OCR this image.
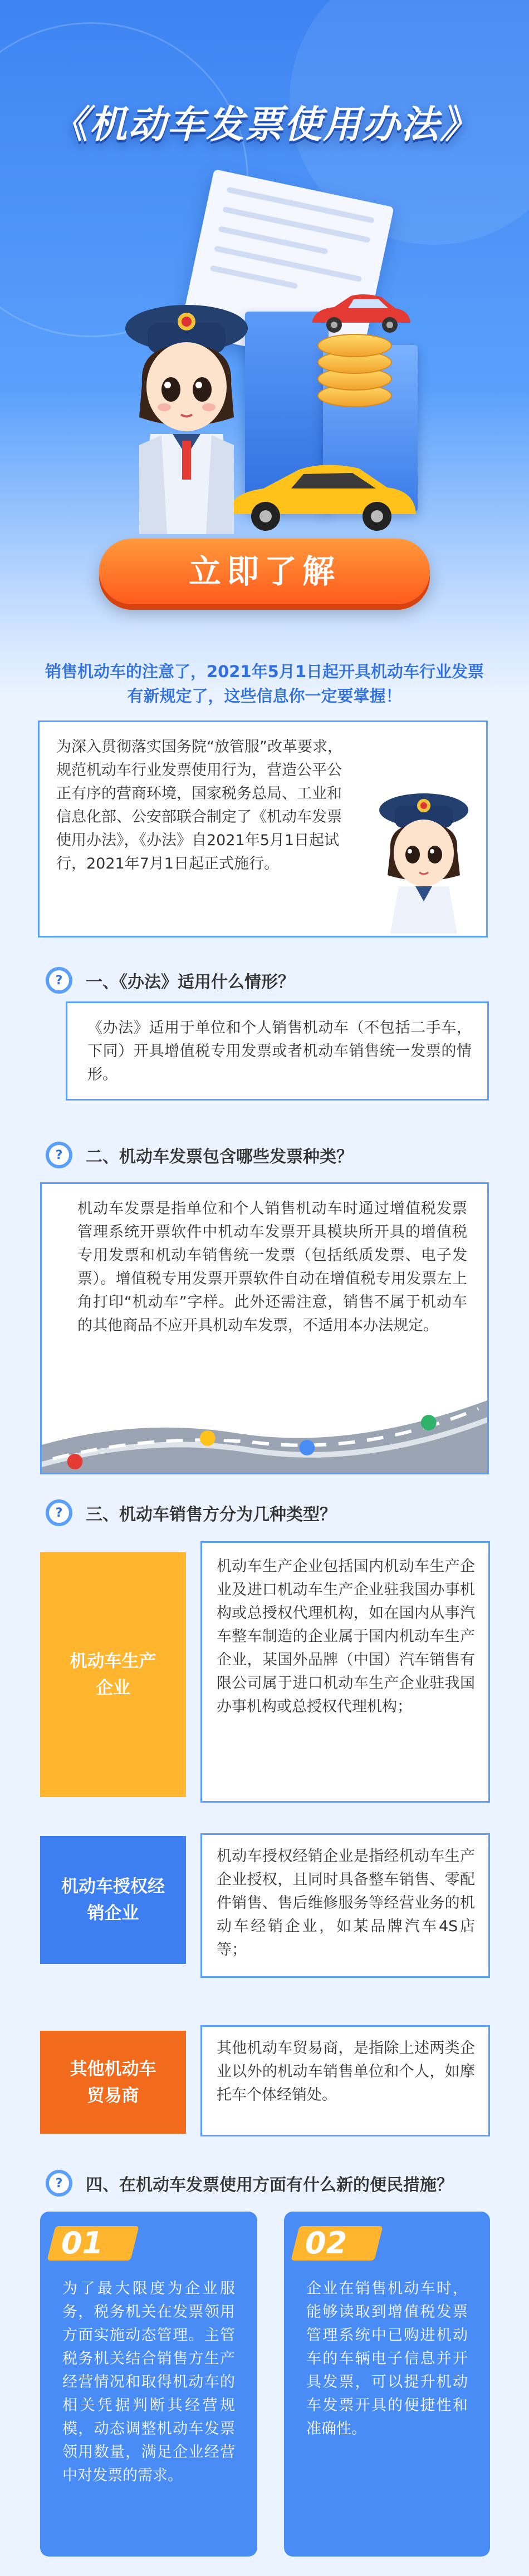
《机动车发票使用办法》
立即了解
销售机动车的注意了，2021年5月1日起开具机动车行业发票有新规定了，这些信息你一定要掌握！

为深入贯彻落实国务院“放管服”改革要求，规范机动车行业发票使用行为，营造公平公正有序的营商环境，国家税务总局、工业和信息化部、公安部联合制定了《机动车发票使用办法》，《办法》自2021年5月1日起试行，2021年7月1日起正式施行。

?	一、《办法》适用什么情形？

《办法》适用于单位和个人销售机动车（不包括二手车，下同）开具增值税专用发票或者机动车销售统一发票的情形。

?	二、机动车发票包含哪些发票种类？

机动车发票是指单位和个人销售机动车时通过增值税发票管理系统开票软件中机动车发票开具模块所开具的增值税专用发票和机动车销售统一发票（包括纸质发票、电子发票）。增值税专用发票开票软件自动在增值税专用发票左上角打印“机动车”字样。此外还需注意，销售不属于机动车的其他商品不应开具机动车发票，不适用本办法规定。

?	三、机动车销售方分为几种类型？
机动车生产企业

机动车生产企业包括国内机动车生产企业及进口机动车生产企业驻我国办事机构或总授权代理机构，如在国内从事汽车整车制造的企业属于国内机动车生产企业，某国外品牌（中国）汽车销售有限公司属于进口机动车生产企业驻我国办事机构或总授权代理机构；

机动车授权经销企业

机动车授权经销企业是指经机动车生产企业授权，且同时具备整车销售、零配件销售、售后维修服务等经营业务的机动车经销企业，如某品牌汽车4S店等；

其他机动车贸易商

其他机动车贸易商，是指除上述两类企业以外的机动车销售单位和个人，如摩托车个体经销处。

?	四、在机动车发票使用方面有什么新的便民措施？
01

为了最大限度为企业服务，税务机关在发票领用方面实施动态管理。主管税务机关结合销售方生产经营情况和取得机动车的相关凭据判断其经营规模，动态调整机动车发票领用数量，满足企业经营中对发票的需求。

02

企业在销售机动车时，能够读取到增值税发票管理系统中已购进机动车的车辆电子信息并开具发票，可以提升机动车发票开具的便捷性和准确性。
